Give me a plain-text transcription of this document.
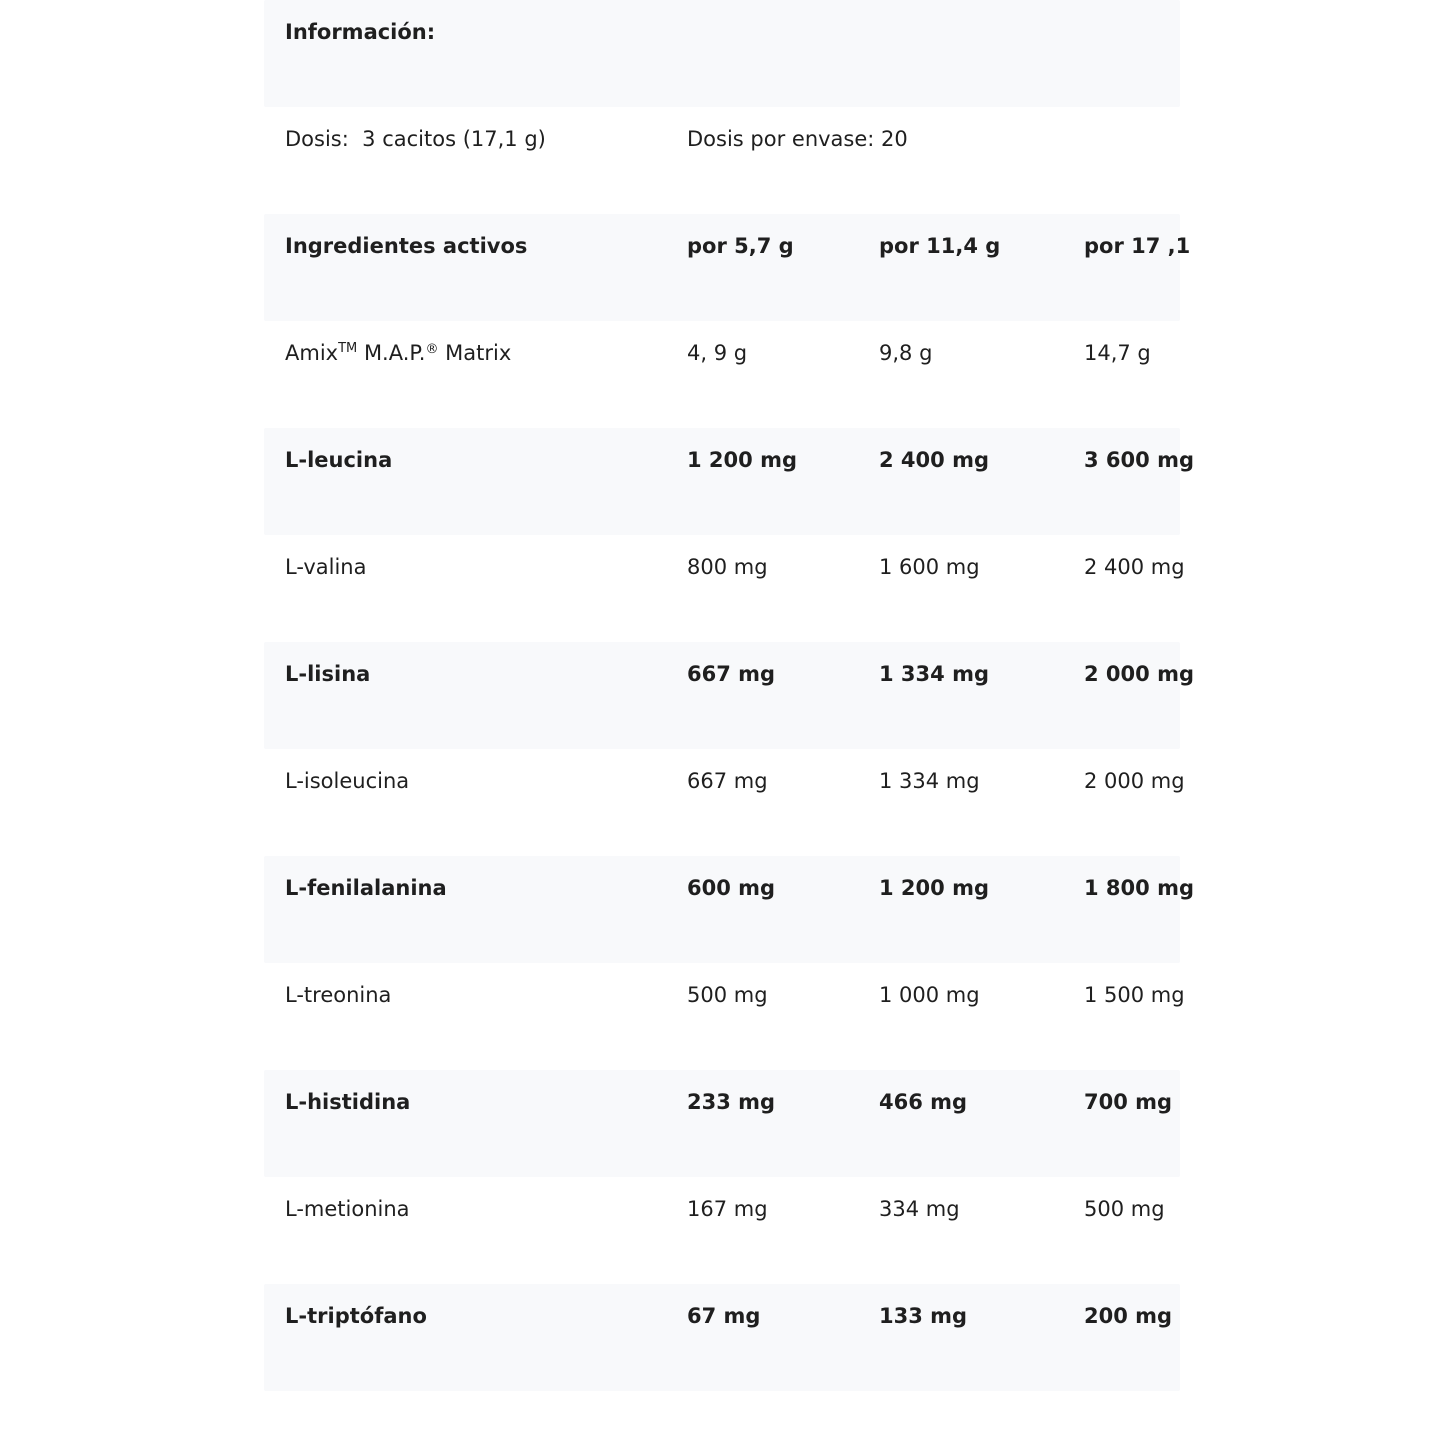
Información:
Dosis:  3 cacitos (17,1 g)	Dosis por envase: 20
Ingredientes activos	por 5,7 g	por 11,4 g	por 17 ,1
Amix™ M.A.P.® Matrix	4, 9 g	9,8 g	14,7 g
L-leucina	1 200 mg	2 400 mg	3 600 mg
L-valina	800 mg	1 600 mg	2 400 mg
L-lisina	667 mg	1 334 mg	2 000 mg
L-isoleucina	667 mg	1 334 mg	2 000 mg
L-fenilalanina	600 mg	1 200 mg	1 800 mg
L-treonina	500 mg	1 000 mg	1 500 mg
L-histidina	233 mg	466 mg	700 mg
L-metionina	167 mg	334 mg	500 mg
L-triptófano	67 mg	133 mg	200 mg
